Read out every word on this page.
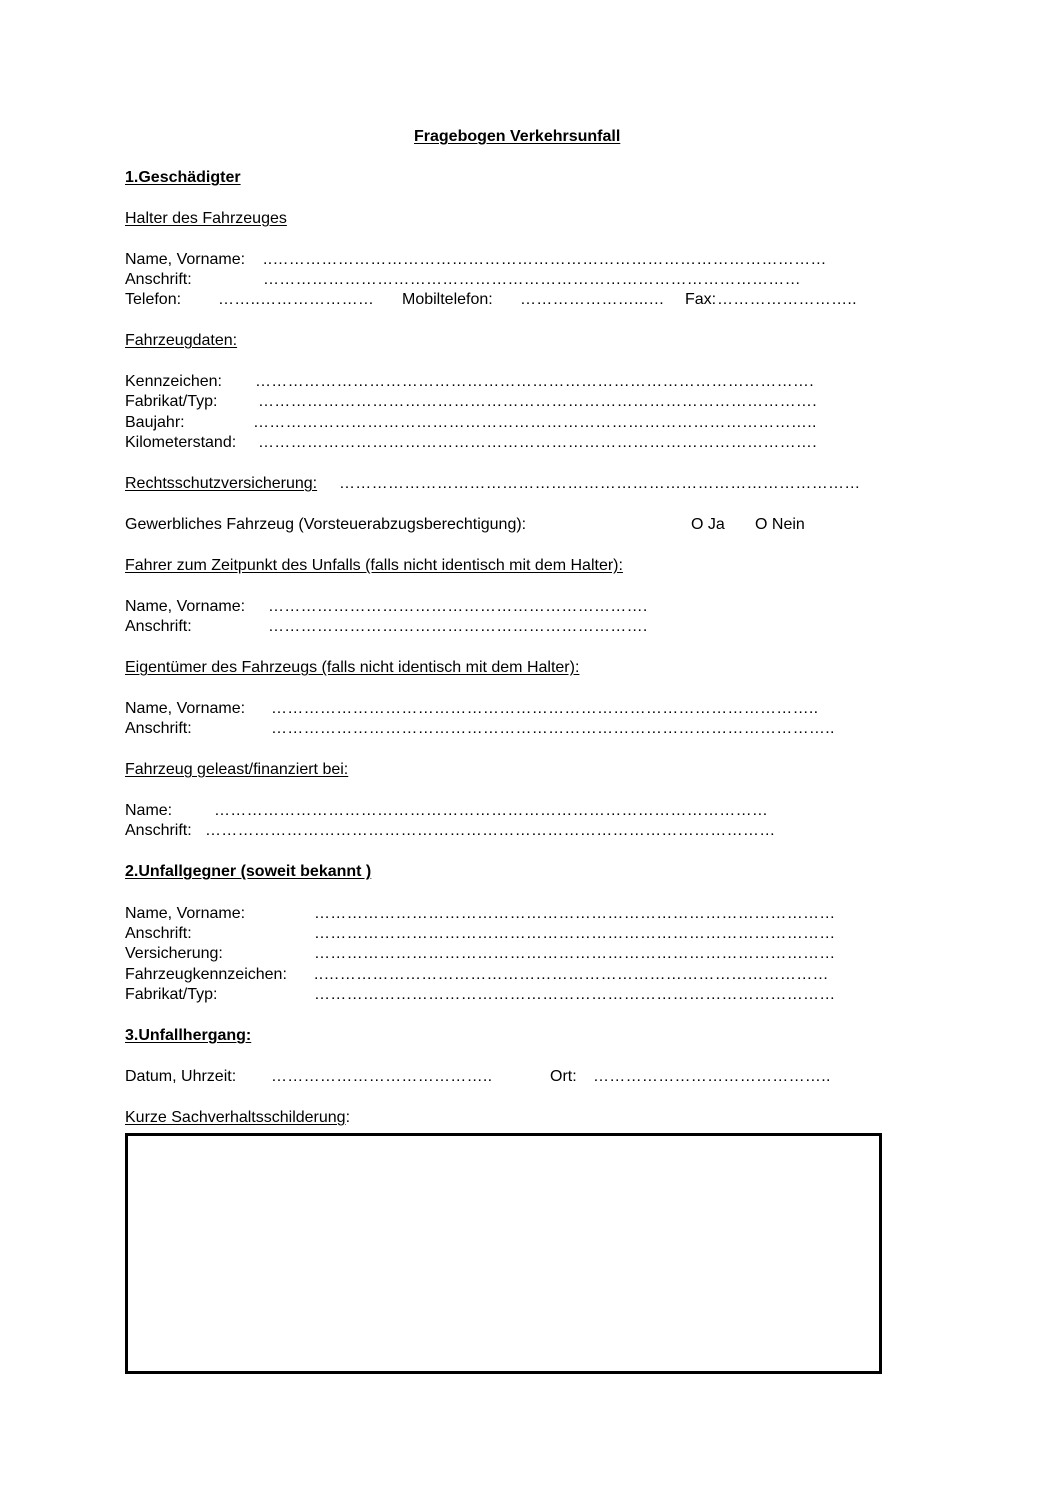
Fragebogen Verkehrsunfall
1.Geschädigter
Halter des Fahrzeuges
Name, Vorname: ..…………………………………………………………………………………………
Anschrift:	………………………………………………………………………………………
Telefon: ……..…………………	Mobiltelefon: …………………...…	Fax: ……………………..
Fahrzeugdaten:
Kennzeichen: ………………………………………………………………………………………….
Fabrikat/Typ:	………………………………………………………………………………………….
Baujahr:	…………………………………………………………………………………………..
Kilometerstand: ………………………………………………………………………………………….
Rechtsschutzversicherung: ……………………………………………………………………………………
Gewerbliches Fahrzeug (Vorsteuerabzugsberechtigung):	O Ja O Nein
Fahrer zum Zeitpunkt des Unfalls (falls nicht identisch mit dem Halter):
Name, Vorname: …………………………………………………………….
Anschrift:	…………………………………………………………….
Eigentümer des Fahrzeugs (falls nicht identisch mit dem Halter):
Name, Vorname: ………………………………………………………………………………………..
Anschrift:	…………………………………………………………………………………………..
Fahrzeug geleast/finanziert bei:
Name:	…………………………………………………………………………………………
Anschrift: ……………………………………………………………………………………………
2.Unfallgegner (soweit bekannt )
Name, Vorname:	……………………………………………………………………………………
Anschrift:	……………………………………………………………………………………
Versicherung:	……………………………………………………………………………………
Fahrzeugkennzeichen: ..…………………………………………………………………………………
Fabrikat/Typ:	……………………………………………………………………………………
3.Unfallhergang:
Datum, Uhrzeit: …………………………………..	Ort: ……………………………………..
Kurze Sachverhaltsschilderung:
